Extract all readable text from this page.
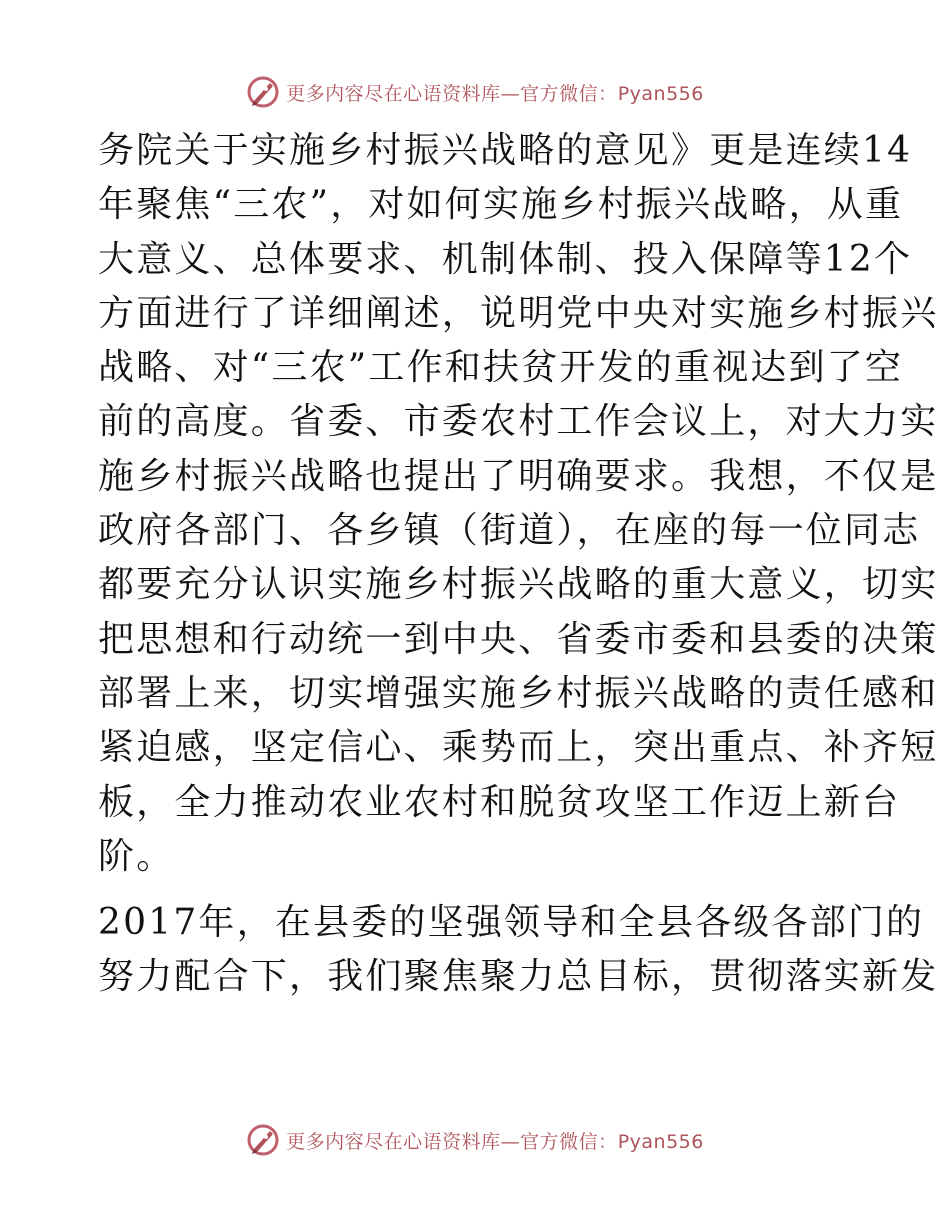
更多内容尽在心语资料库—官方微信：Pyan556
务院关于实施乡村振兴战略的意见》更是连续14
年聚焦“三农”，对如何实施乡村振兴战略，从重
大意义、总体要求、机制体制、投入保障等12个
方面进行了详细阐述，说明党中央对实施乡村振兴
战略、对“三农”工作和扶贫开发的重视达到了空
前的高度。省委、市委农村工作会议上，对大力实
施乡村振兴战略也提出了明确要求。我想，不仅是
政府各部门、各乡镇（街道），在座的每一位同志
都要充分认识实施乡村振兴战略的重大意义，切实
把思想和行动统一到中央、省委市委和县委的决策
部署上来，切实增强实施乡村振兴战略的责任感和
紧迫感，坚定信心、乘势而上，突出重点、补齐短
板，全力推动农业农村和脱贫攻坚工作迈上新台
阶。
2017年，在县委的坚强领导和全县各级各部门的
努力配合下，我们聚焦聚力总目标，贯彻落实新发
更多内容尽在心语资料库—官方微信：Pyan556
